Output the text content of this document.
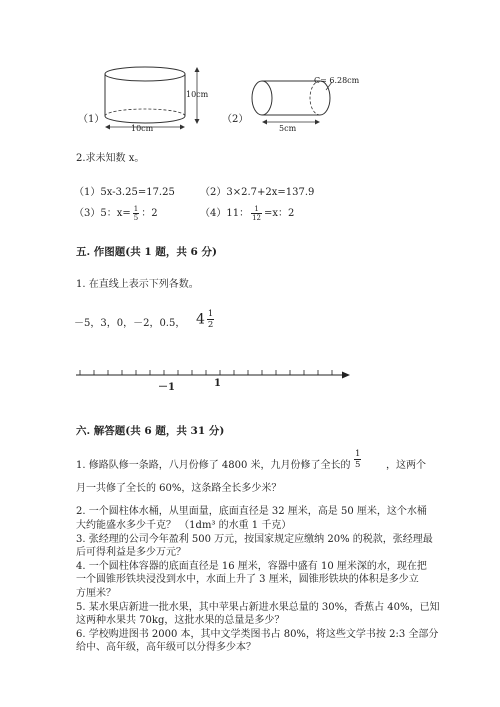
（1）
10cm
10cm
（2）
C= 6.28cm
5cm
2.求未知数 x。
（1）5x-3.25=17.25	（2）3×2.7+2x=137.9
（3）5：$x= \frac{1}{5}$ ：2	（4）11： $\frac{1}{12} =x$：2
五. 作图题(共 1 题，共 6 分)
1. 在直线上表示下列各数。
－5，3，0，－2，0.5， $4 \frac{1}{2}$
－1	1
六. 解答题(共 6 题，共 31 分)
1. 修路队修一条路，八月份修了 4800 米，九月份修了全长的 $\frac{1}{5}$ ，这两个
月一共修了全长的 60%，这条路全长多少米？
2. 一个圆柱体水桶，从里面量，底面直径是 32 厘米，高是 50 厘米，这个水桶
大约能盛水多少千克？ （1dm³ 的水重 1 千克）
3. 张经理的公司今年盈利 500 万元，按国家规定应缴纳 20% 的税款，张经理最
后可得利益是多少万元？
4. 一个圆柱体容器的底面直径是 16 厘米，容器中盛有 10 厘米深的水，现在把
一个圆锥形铁块浸没到水中，水面上升了 3 厘米，圆锥形铁块的体积是多少立
方厘米？
5. 某水果店新进一批水果，其中苹果占新进水果总量的 30%，香蕉占 40%，已知
这两种水果共 70kg，这批水果的总量是多少？
6. 学校购进图书 2000 本，其中文学类图书占 80%，将这些文学书按 2:3 全部分
给中、高年级，高年级可以分得多少本？
